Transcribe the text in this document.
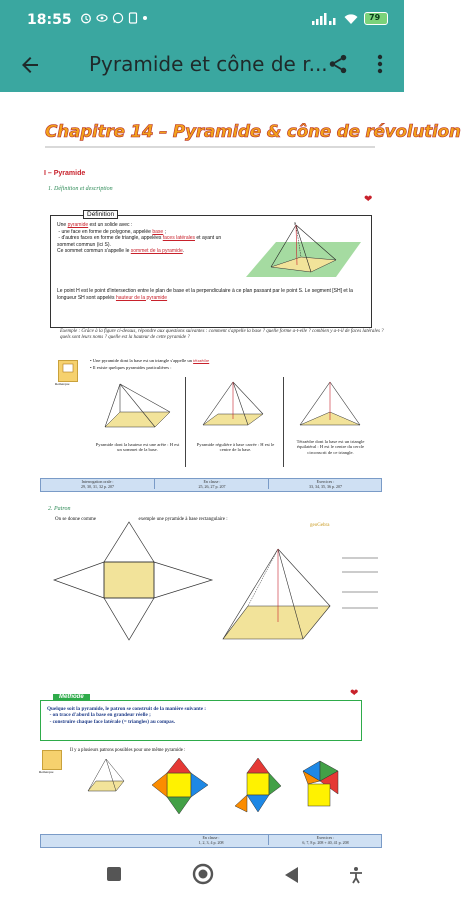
18:55	79
Pyramide et cône de r...
Chapitre 14 – Pyramide & cône de révolution
I – Pyramide
1. Définition et description
❤
Définition
Une pyramide est un solide avec :
- une face en forme de polygone, appelée base ;
- d'autres faces en forme de triangle, appelées faces latérales et ayant un sommet commun (ici S).
Ce sommet commun s'appelle le sommet de la pyramide.
S
Le point H est le point d'intersection entre le plan de base et la perpendiculaire à ce plan passant par le point S. Le segment [SH] et la longueur SH sont appelés hauteur de la pyramide
Exemple : Grâce à la figure ci-dessus, répondre aux questions suivantes : comment s'appelle la base ? quelle forme a-t-elle ? combien y a-t-il de faces latérales ? quels sont leurs noms ? quelle est la hauteur de cette pyramide ?
Remarque
• Une pyramide dont la base est un triangle s'appelle un tétraèdre
• Il existe quelques pyramides particulières :
Pyramide dont la hauteur est une arête : H est un sommet de la base.
Pyramide régulière à base carrée : H est le centre de la base.
Tétraèdre dont la base est un triangle équilatéral : H est le centre du cercle circonscrit de ce triangle.
Interrogation orale :
29, 30, 31, 32 p. 207
En classe :
25, 26, 27 p. 207
Exercices :
33, 34, 35, 36 p. 207
2. Patron
On se donne comme	exemple une pyramide à base rectangulaire :
geoGebra
❤
Méthode
Quelque soit la pyramide, le patron se construit de la manière suivante :
- on trace d'abord la base en grandeur réelle ;
- construire chaque face latérale (= triangles) au compas.
Remarque
Il y a plusieurs patrons possibles pour une même pyramide :
En classe :
1, 2, 3, 4 p. 208
Exercices :
6, 7, 8 p. 208 + 40, 41 p. 208
